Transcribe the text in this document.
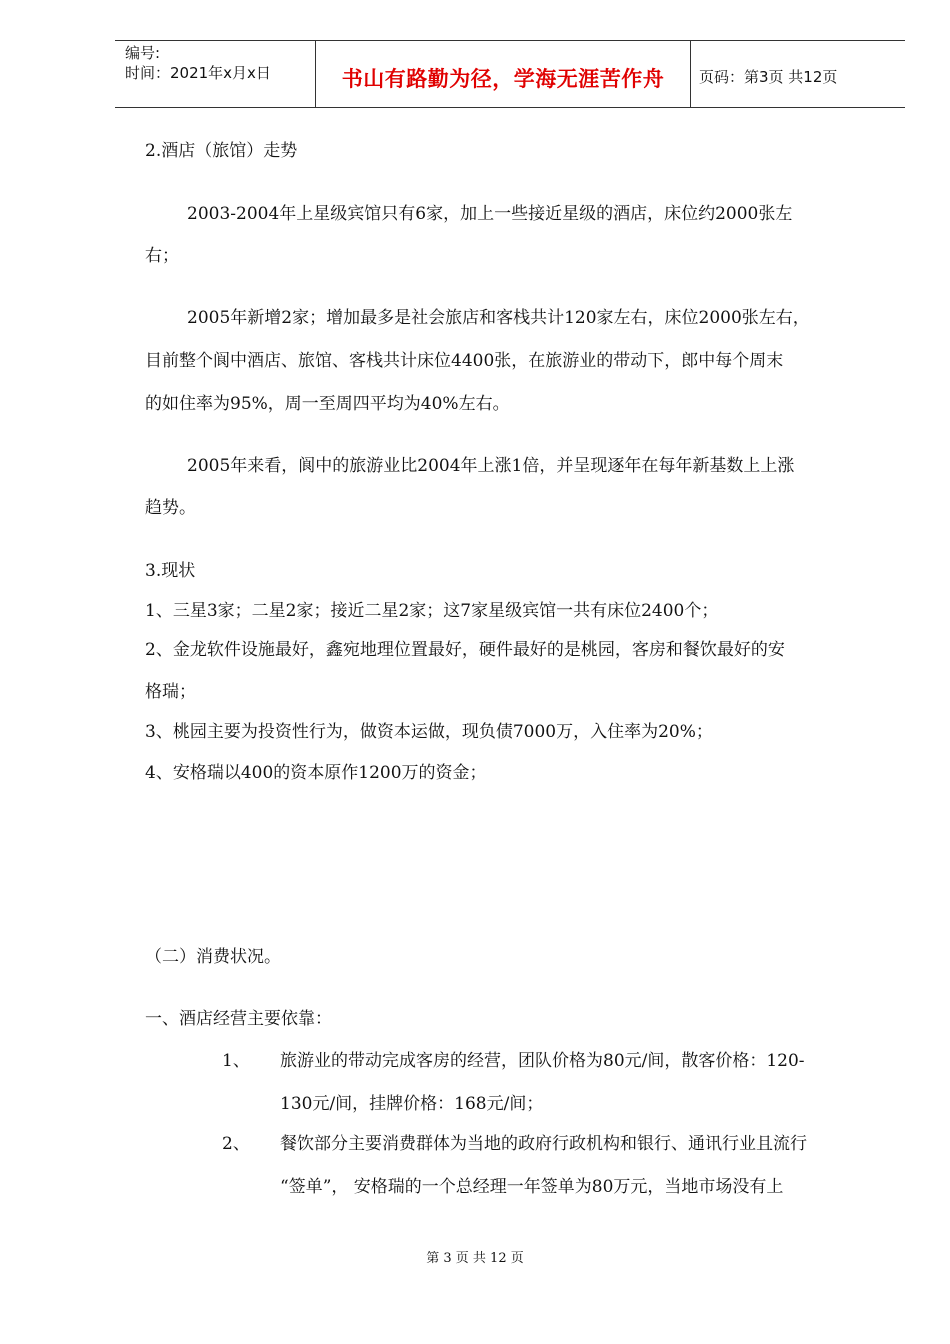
编号:
时间：2021年x月x日	书山有路勤为径，学海无涯苦作舟	页码：第3页 共12页
2.酒店（旅馆）走势
2003-2004年上星级宾馆只有6家，加上一些接近星级的酒店，床位约2000张左
右；
2005年新增2家；增加最多是社会旅店和客栈共计120家左右，床位2000张左右，
目前整个阆中酒店、旅馆、客栈共计床位4400张，在旅游业的带动下，郎中每个周末
的如住率为95%，周一至周四平均为40%左右。
2005年来看，阆中的旅游业比2004年上涨1倍，并呈现逐年在每年新基数上上涨
趋势。
3.现状
1、三星3家；二星2家；接近二星2家；这7家星级宾馆一共有床位2400个；
2、金龙软件设施最好，鑫宛地理位置最好，硬件最好的是桃园，客房和餐饮最好的安
格瑞；
3、桃园主要为投资性行为，做资本运做，现负债7000万，入住率为20%；
4、安格瑞以400的资本原作1200万的资金；
（二）消费状况。
一、酒店经营主要依靠：
1、 旅游业的带动完成客房的经营，团队价格为80元/间，散客价格：120-
130元/间，挂牌价格：168元/间；
2、 餐饮部分主要消费群体为当地的政府行政机构和银行、通讯行业且流行
“签单”， 安格瑞的一个总经理一年签单为80万元，当地市场没有上
第 3 页 共 12 页
